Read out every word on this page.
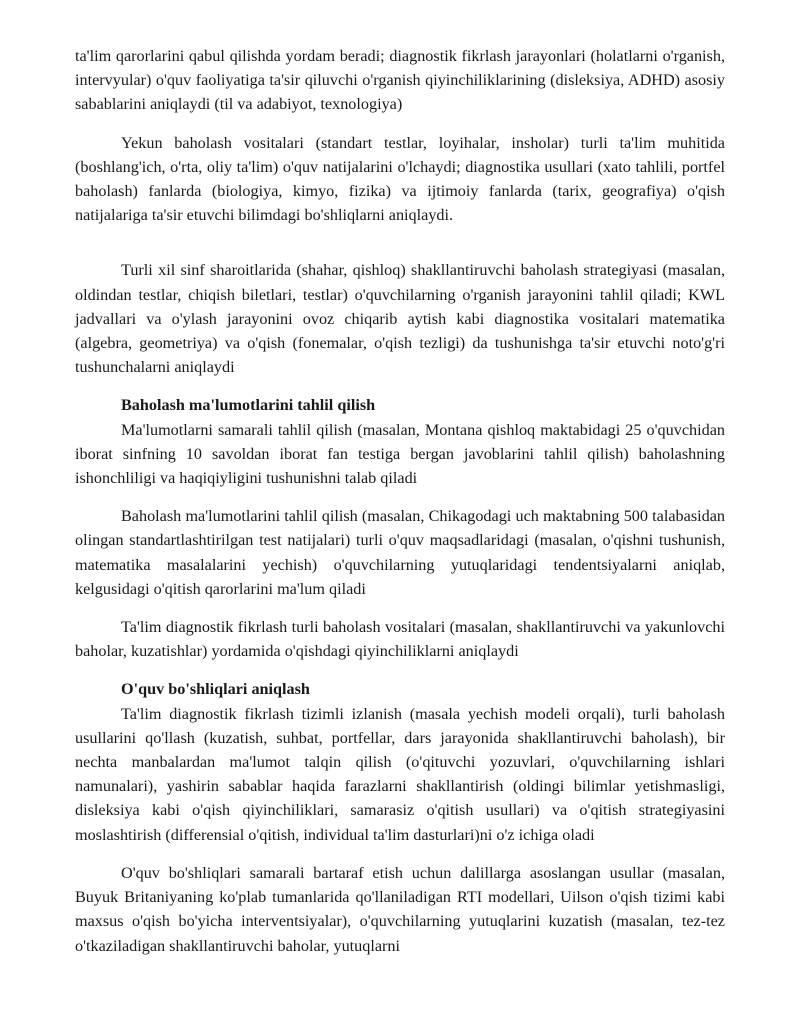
ta'lim qarorlarini qabul qilishda yordam beradi; diagnostik fikrlash jarayonlari (holatlarni o'rganish, intervyular) o'quv faoliyatiga ta'sir qiluvchi o'rganish qiyinchiliklarining (disleksiya, ADHD) asosiy sabablarini aniqlaydi (til va adabiyot, texnologiya)

Yekun baholash vositalari (standart testlar, loyihalar, insholar) turli ta'lim muhitida (boshlang'ich, o'rta, oliy ta'lim) o'quv natijalarini o'lchaydi; diagnostika usullari (xato tahlili, portfel baholash) fanlarda (biologiya, kimyo, fizika) va ijtimoiy fanlarda (tarix, geografiya) o'qish natijalariga ta'sir etuvchi bilimdagi bo'shliqlarni aniqlaydi.

Turli xil sinf sharoitlarida (shahar, qishloq) shakllantiruvchi baholash strategiyasi (masalan, oldindan testlar, chiqish biletlari, testlar) o'quvchilarning o'rganish jarayonini tahlil qiladi; KWL jadvallari va o'ylash jarayonini ovoz chiqarib aytish kabi diagnostika vositalari matematika (algebra, geometriya) va o'qish (fonemalar, o'qish tezligi) da tushunishga ta'sir etuvchi noto'g'ri tushunchalarni aniqlaydi

Baholash ma'lumotlarini tahlil qilish

Ma'lumotlarni samarali tahlil qilish (masalan, Montana qishloq maktabidagi 25 o'quvchidan iborat sinfning 10 savoldan iborat fan testiga bergan javoblarini tahlil qilish) baholashning ishonchliligi va haqiqiyligini tushunishni talab qiladi

Baholash ma'lumotlarini tahlil qilish (masalan, Chikagodagi uch maktabning 500 talabasidan olingan standartlashtirilgan test natijalari) turli o'quv maqsadlaridagi (masalan, o'qishni tushunish, matematika masalalarini yechish) o'quvchilarning yutuqlaridagi tendentsiyalarni aniqlab, kelgusidagi o'qitish qarorlarini ma'lum qiladi

Ta'lim diagnostik fikrlash turli baholash vositalari (masalan, shakllantiruvchi va yakunlovchi baholar, kuzatishlar) yordamida o'qishdagi qiyinchiliklarni aniqlaydi

O'quv bo'shliqlari aniqlash

Ta'lim diagnostik fikrlash tizimli izlanish (masala yechish modeli orqali), turli baholash usullarini qo'llash (kuzatish, suhbat, portfellar, dars jarayonida shakllantiruvchi baholash), bir nechta manbalardan ma'lumot talqin qilish (o'qituvchi yozuvlari, o'quvchilarning ishlari namunalari), yashirin sabablar haqida farazlarni shakllantirish (oldingi bilimlar yetishmasligi, disleksiya kabi o'qish qiyinchiliklari, samarasiz o'qitish usullari) va o'qitish strategiyasini moslashtirish (differensial o'qitish, individual ta'lim dasturlari)ni o'z ichiga oladi

O'quv bo'shliqlari samarali bartaraf etish uchun dalillarga asoslangan usullar (masalan, Buyuk Britaniyaning ko'plab tumanlarida qo'llaniladigan RTI modellari, Uilson o'qish tizimi kabi maxsus o'qish bo'yicha interventsiyalar), o'quvchilarning yutuqlarini kuzatish (masalan, tez-tez o'tkaziladigan shakllantiruvchi baholar, yutuqlarni
